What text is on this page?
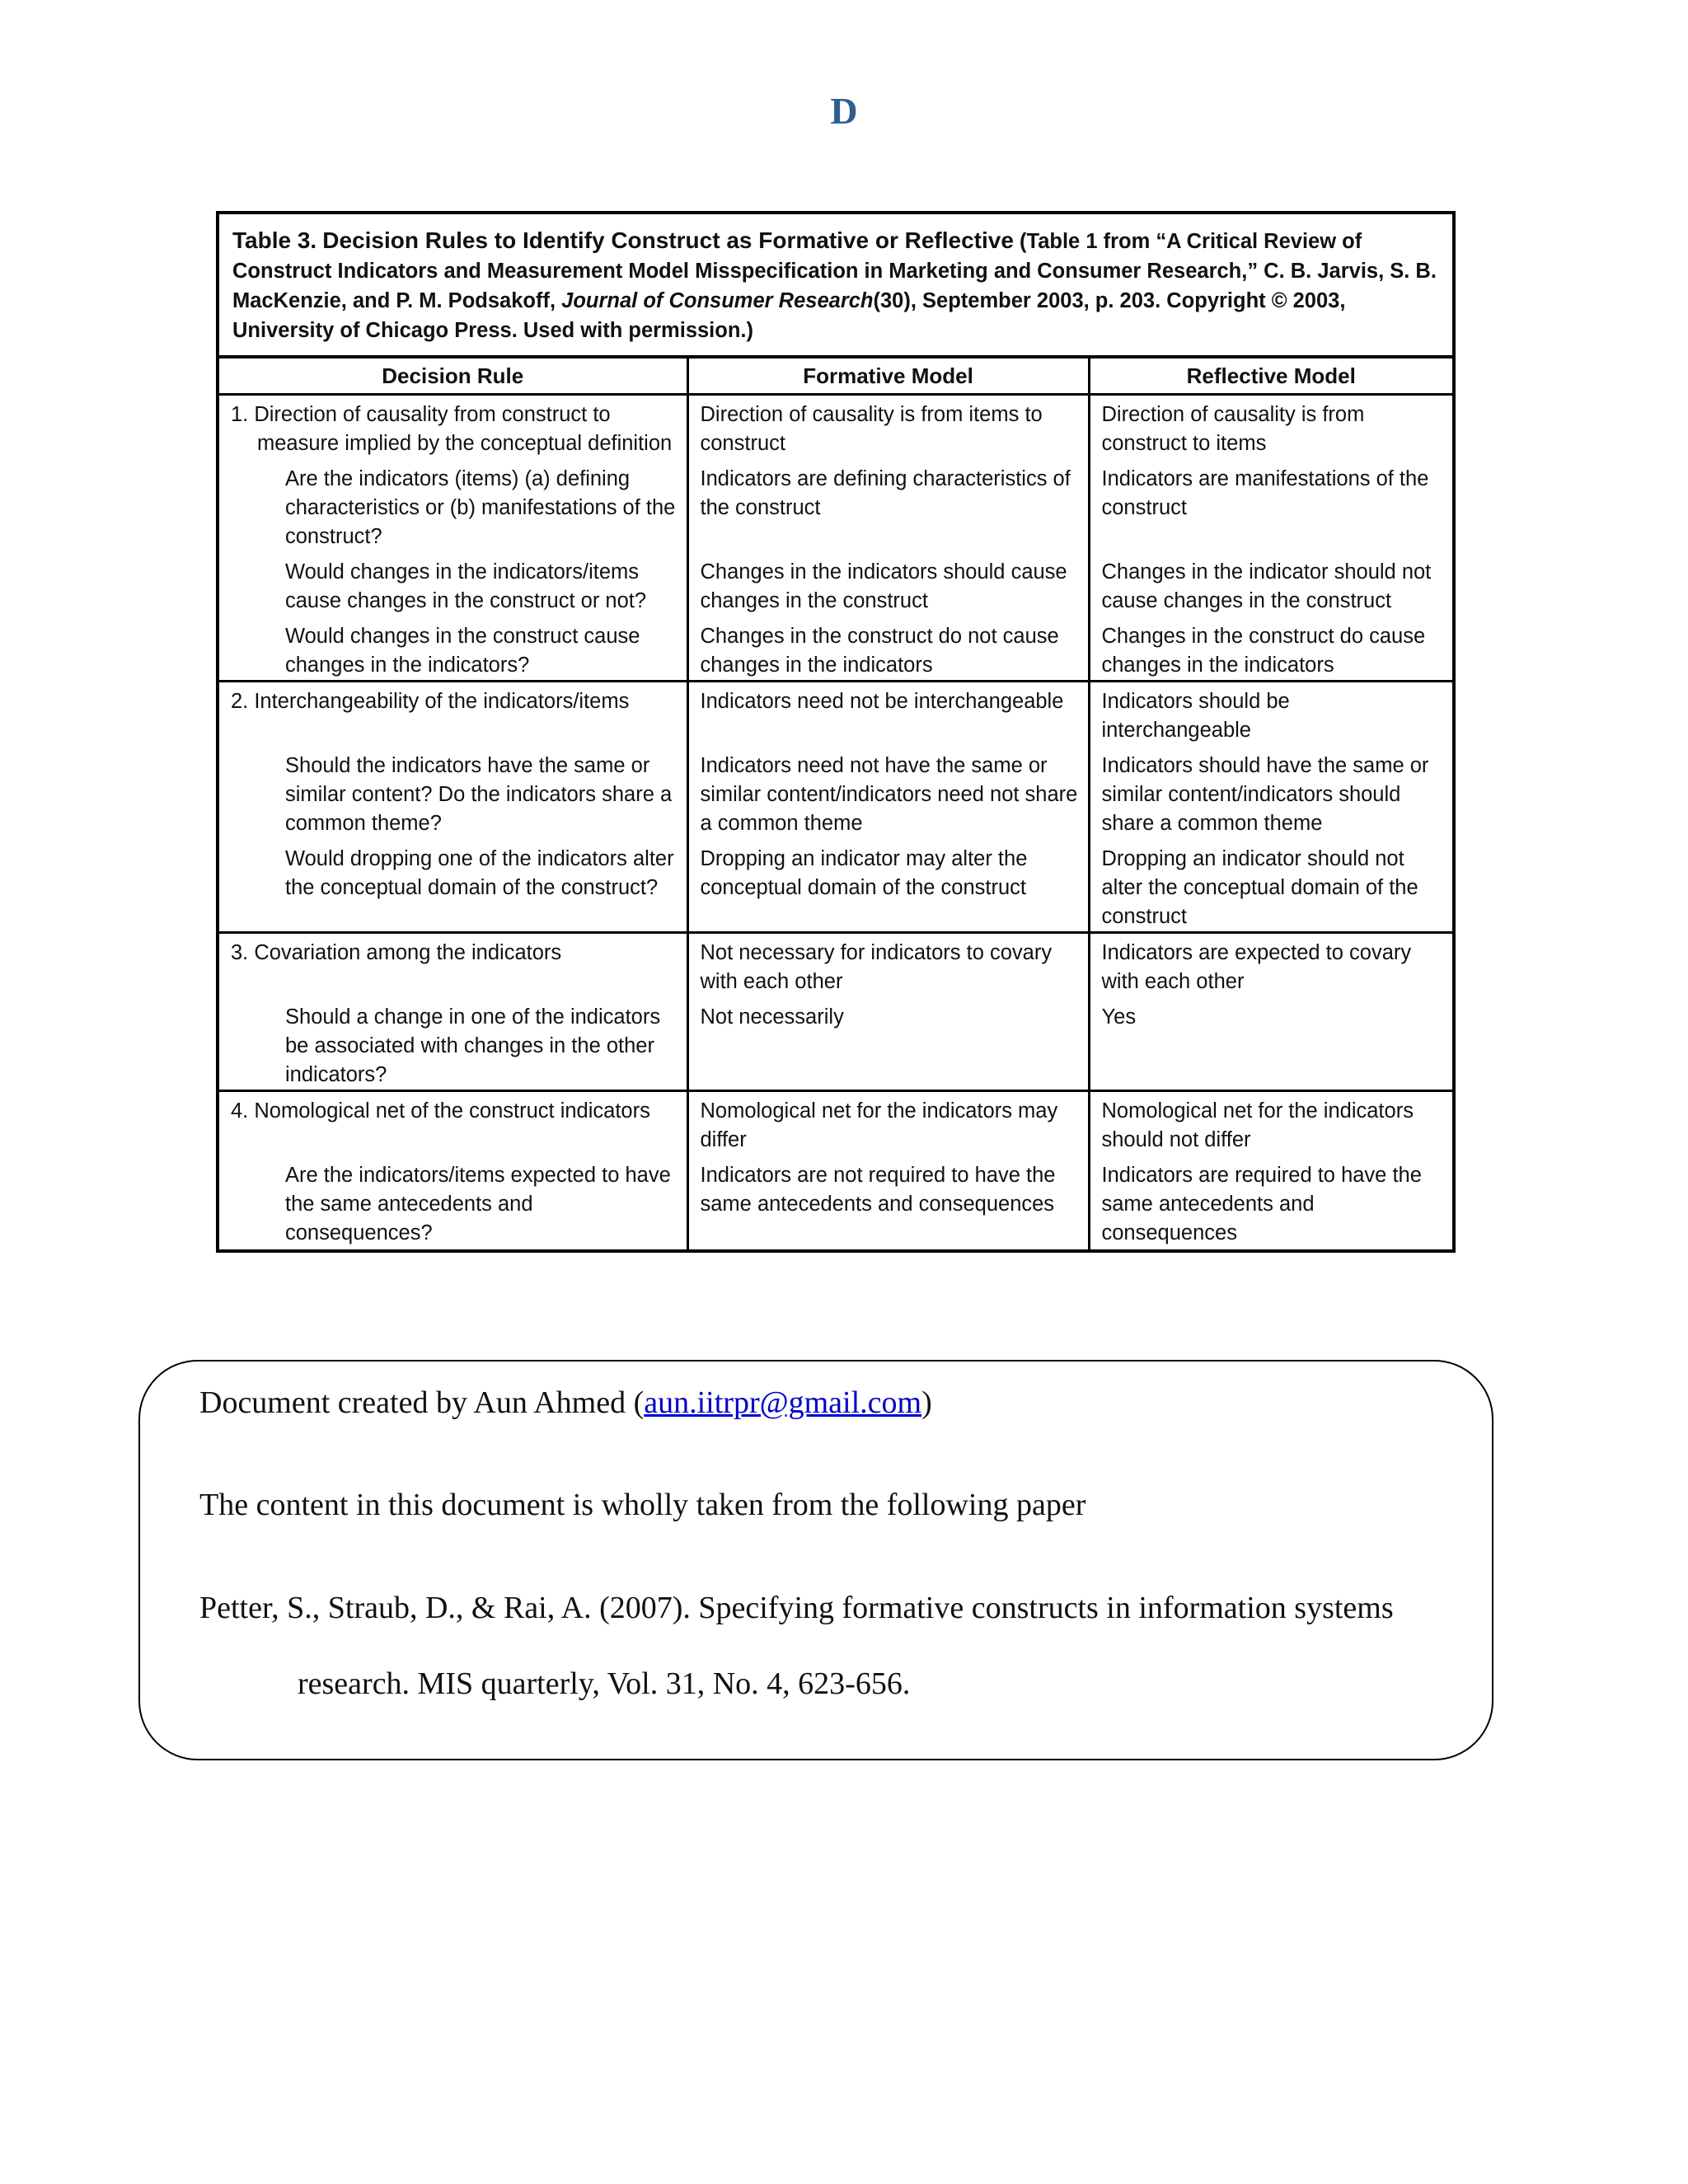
D
Table 3. Decision Rules to Identify Construct as Formative or Reflective (Table 1 from “A Critical Review of Construct Indicators and Measurement Model Misspecification in Marketing and Consumer Research,” C. B. Jarvis, S. B. MacKenzie, and P. M. Podsakoff, Journal of Consumer Research(30), September 2003, p. 203. Copyright © 2003, University of Chicago Press. Used with permission.)
Decision Rule	Formative Model	Reflective Model
1. Direction of causality from construct to measure implied by the conceptual definition	Direction of causality is from items to construct	Direction of causality is from construct to items
Are the indicators (items) (a) defining characteristics or (b) manifestations of the construct?	Indicators are defining characteristics of the construct	Indicators are manifestations of the construct
Would changes in the indicators/items cause changes in the construct or not?	Changes in the indicators should cause changes in the construct	Changes in the indicator should not cause changes in the construct
Would changes in the construct cause changes in the indicators?	Changes in the construct do not cause changes in the indicators	Changes in the construct do cause changes in the indicators
2. Interchangeability of the indicators/items	Indicators need not be interchangeable	Indicators should be interchangeable
Should the indicators have the same or similar content? Do the indicators share a common theme?	Indicators need not have the same or similar content/indicators need not share a common theme	Indicators should have the same or similar content/indicators should share a common theme
Would dropping one of the indicators alter the conceptual domain of the construct?	Dropping an indicator may alter the conceptual domain of the construct	Dropping an indicator should not alter the conceptual domain of the construct
3. Covariation among the indicators	Not necessary for indicators to covary with each other	Indicators are expected to covary with each other
Should a change in one of the indicators be associated with changes in the other indicators?	Not necessarily	Yes
4. Nomological net of the construct indicators	Nomological net for the indicators may differ	Nomological net for the indicators should not differ
Are the indicators/items expected to have the same antecedents and consequences?	Indicators are not required to have the same antecedents and consequences	Indicators are required to have the same antecedents and consequences
Document created by Aun Ahmed (aun.iitrpr@gmail.com)
The content in this document is wholly taken from the following paper
Petter, S., Straub, D., & Rai, A. (2007). Specifying formative constructs in information systems
research. MIS quarterly, Vol. 31, No. 4, 623-656.
